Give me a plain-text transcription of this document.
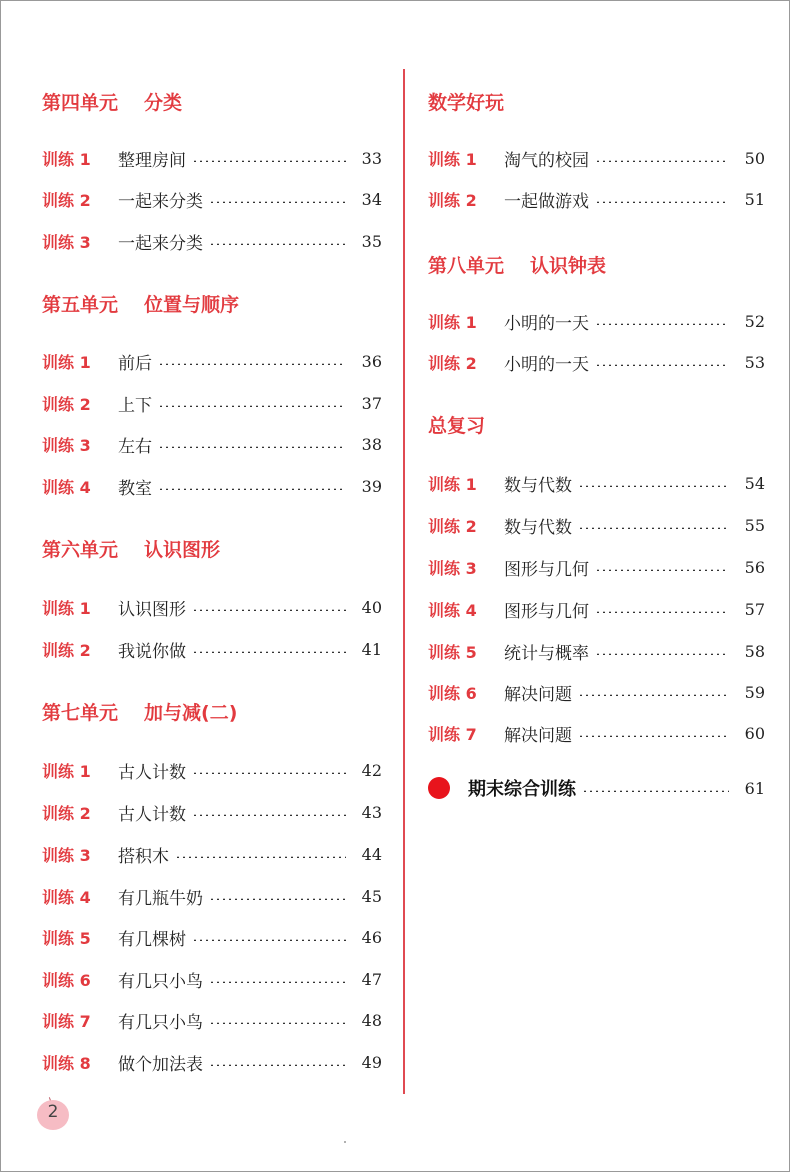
第四单元 分类
训练 1	整理房间	33
训练 2	一起来分类	34
训练 3	一起来分类	35
第五单元 位置与顺序
训练 1	前后	36
训练 2	上下	37
训练 3	左右	38
训练 4	教室	39
第六单元 认识图形
训练 1	认识图形	40
训练 2	我说你做	41
第七单元 加与减(二)
训练 1	古人计数	42
训练 2	古人计数	43
训练 3	搭积木	44
训练 4	有几瓶牛奶	45
训练 5	有几棵树	46
训练 6	有几只小鸟	47
训练 7	有几只小鸟	48
训练 8	做个加法表	49
期末综合训练	61
数学好玩
训练 1	淘气的校园	50
训练 2	一起做游戏	51
第八单元 认识钟表
训练 1	小明的一天	52
训练 2	小明的一天	53
总复习
训练 1	数与代数	54
训练 2	数与代数	55
训练 3	图形与几何	56
训练 4	图形与几何	57
训练 5	统计与概率	58
训练 6	解决问题	59
训练 7	解决问题	60
2
